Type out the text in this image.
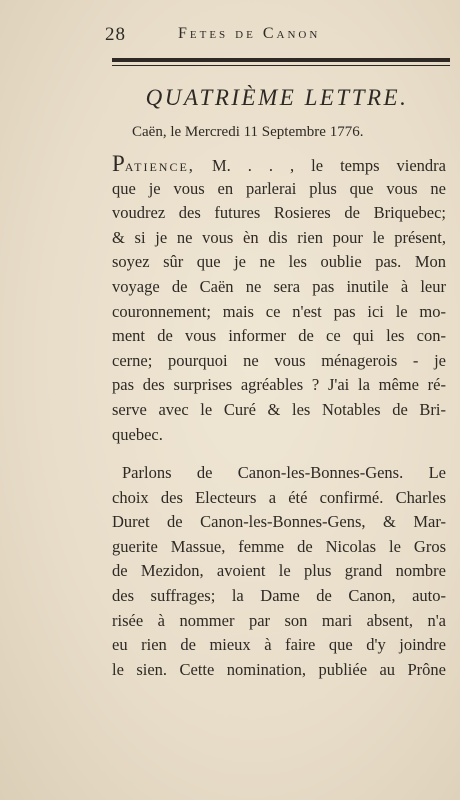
28	Fetes de Canon
QUATRIÈME LETTRE.
Caën, le Mercredi 11 Septembre 1776.
Patience, M. . . , le temps viendra
que je vous en parlerai plus que vous ne
voudrez des futures Rosieres de Briquebec;
& si je ne vous èn dis rien pour le présent,
soyez sûr que je ne les oublie pas. Mon
voyage de Caën ne sera pas inutile à leur
couronnement; mais ce n'est pas ici le mo-
ment de vous informer de ce qui les con-
cerne; pourquoi ne vous ménagerois - je
pas des surprises agréables ? J'ai la même ré-
serve avec le Curé & les Notables de Bri-
quebec.
Parlons de Canon-les-Bonnes-Gens. Le
choix des Electeurs a été confirmé. Charles
Duret de Canon-les-Bonnes-Gens, & Mar-
guerite Massue, femme de Nicolas le Gros
de Mezidon, avoient le plus grand nombre
des suffrages; la Dame de Canon, auto-
risée à nommer par son mari absent, n'a
eu rien de mieux à faire que d'y joindre
le sien. Cette nomination, publiée au Prône
